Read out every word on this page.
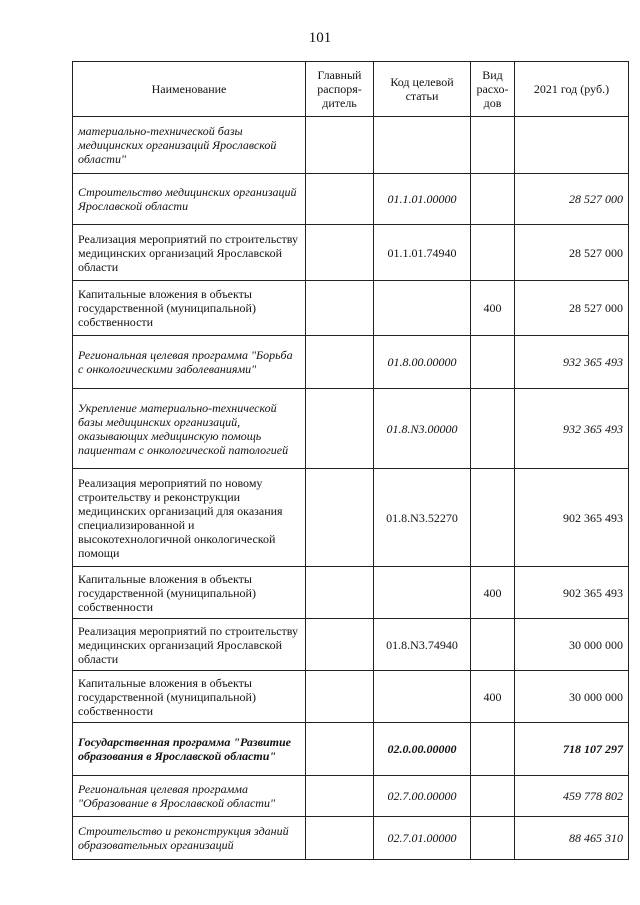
101
Наименование	Главный распоря-дитель	Код целевой статьи	Вид расхо-дов	2021 год (руб.)
материально-технической базы медицинских организаций Ярославской области"				
Строительство медицинских организаций Ярославской области		01.1.01.00000		28 527 000
Реализация мероприятий по строительству медицинских организаций Ярославской области		01.1.01.74940		28 527 000
Капитальные вложения в объекты государственной (муниципальной) собственности			400	28 527 000
Региональная целевая программа "Борьба с онкологическими заболеваниями"		01.8.00.00000		932 365 493
Укрепление материально-технической базы медицинских организаций, оказывающих медицинскую помощь пациентам с онкологической патологией		01.8.N3.00000		932 365 493
Реализация мероприятий по новому строительству и реконструкции медицинских организаций для оказания специализированной и высокотехнологичной онкологической помощи		01.8.N3.52270		902 365 493
Капитальные вложения в объекты государственной (муниципальной) собственности			400	902 365 493
Реализация мероприятий по строительству медицинских организаций Ярославской области		01.8.N3.74940		30 000 000
Капитальные вложения в объекты государственной (муниципальной) собственности			400	30 000 000
Государственная программа "Развитие образования в Ярославской области"		02.0.00.00000		718 107 297
Региональная целевая программа "Образование в Ярославской области"		02.7.00.00000		459 778 802
Строительство и реконструкция зданий образовательных организаций		02.7.01.00000		88 465 310
